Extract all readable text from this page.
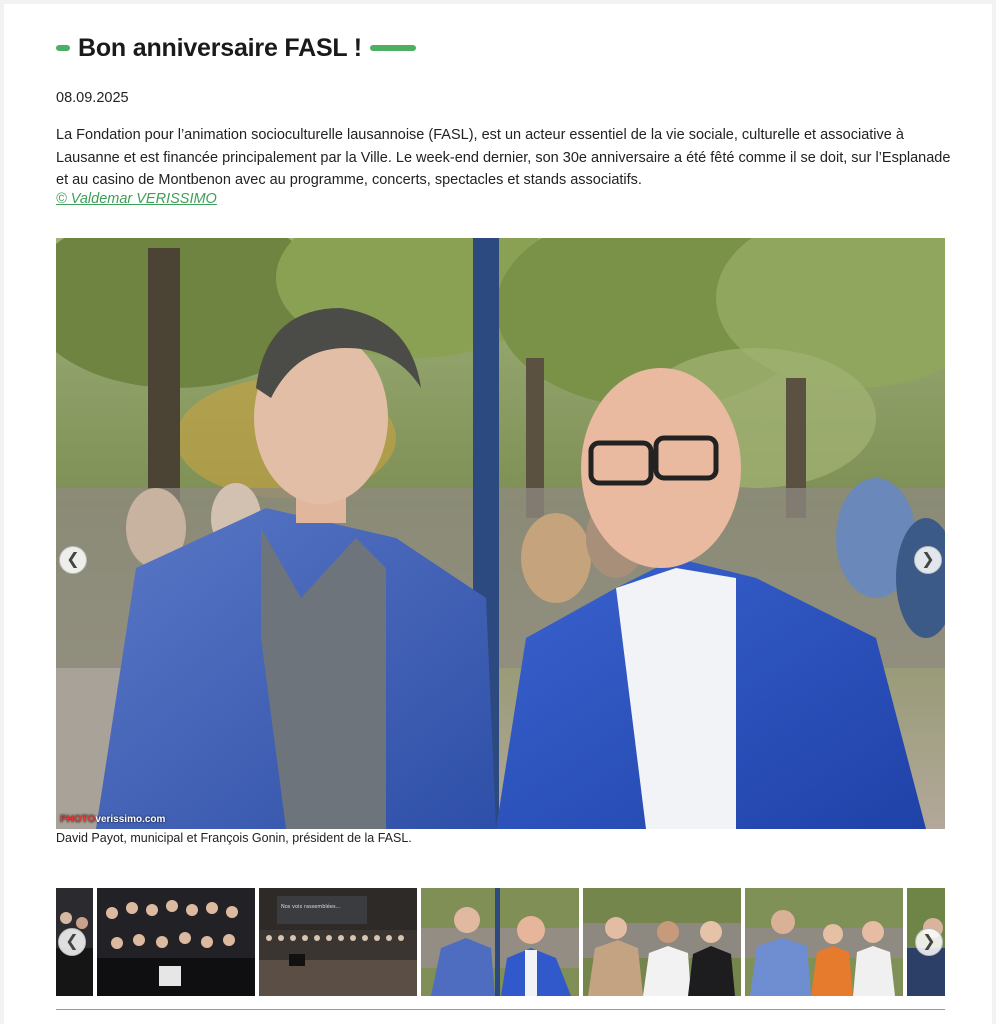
Bon anniversaire FASL !
08.09.2025

La Fondation pour l’animation socioculturelle lausannoise (FASL), est un acteur essentiel de la vie sociale, culturelle et associative à Lausanne et est financée principalement par la Ville. Le week-end dernier, son 30e anniversaire a été fêté comme il se doit, sur l’Esplanade et au casino de Montbenon avec au programme, concerts, spectacles et stands associatifs.

© Valdemar VERISSIMO
PHOTOverissimo.com
❮	❯
David Payot, municipal et François Gonin, président de la FASL.
Nos voix rassemblées...
❮	❯
